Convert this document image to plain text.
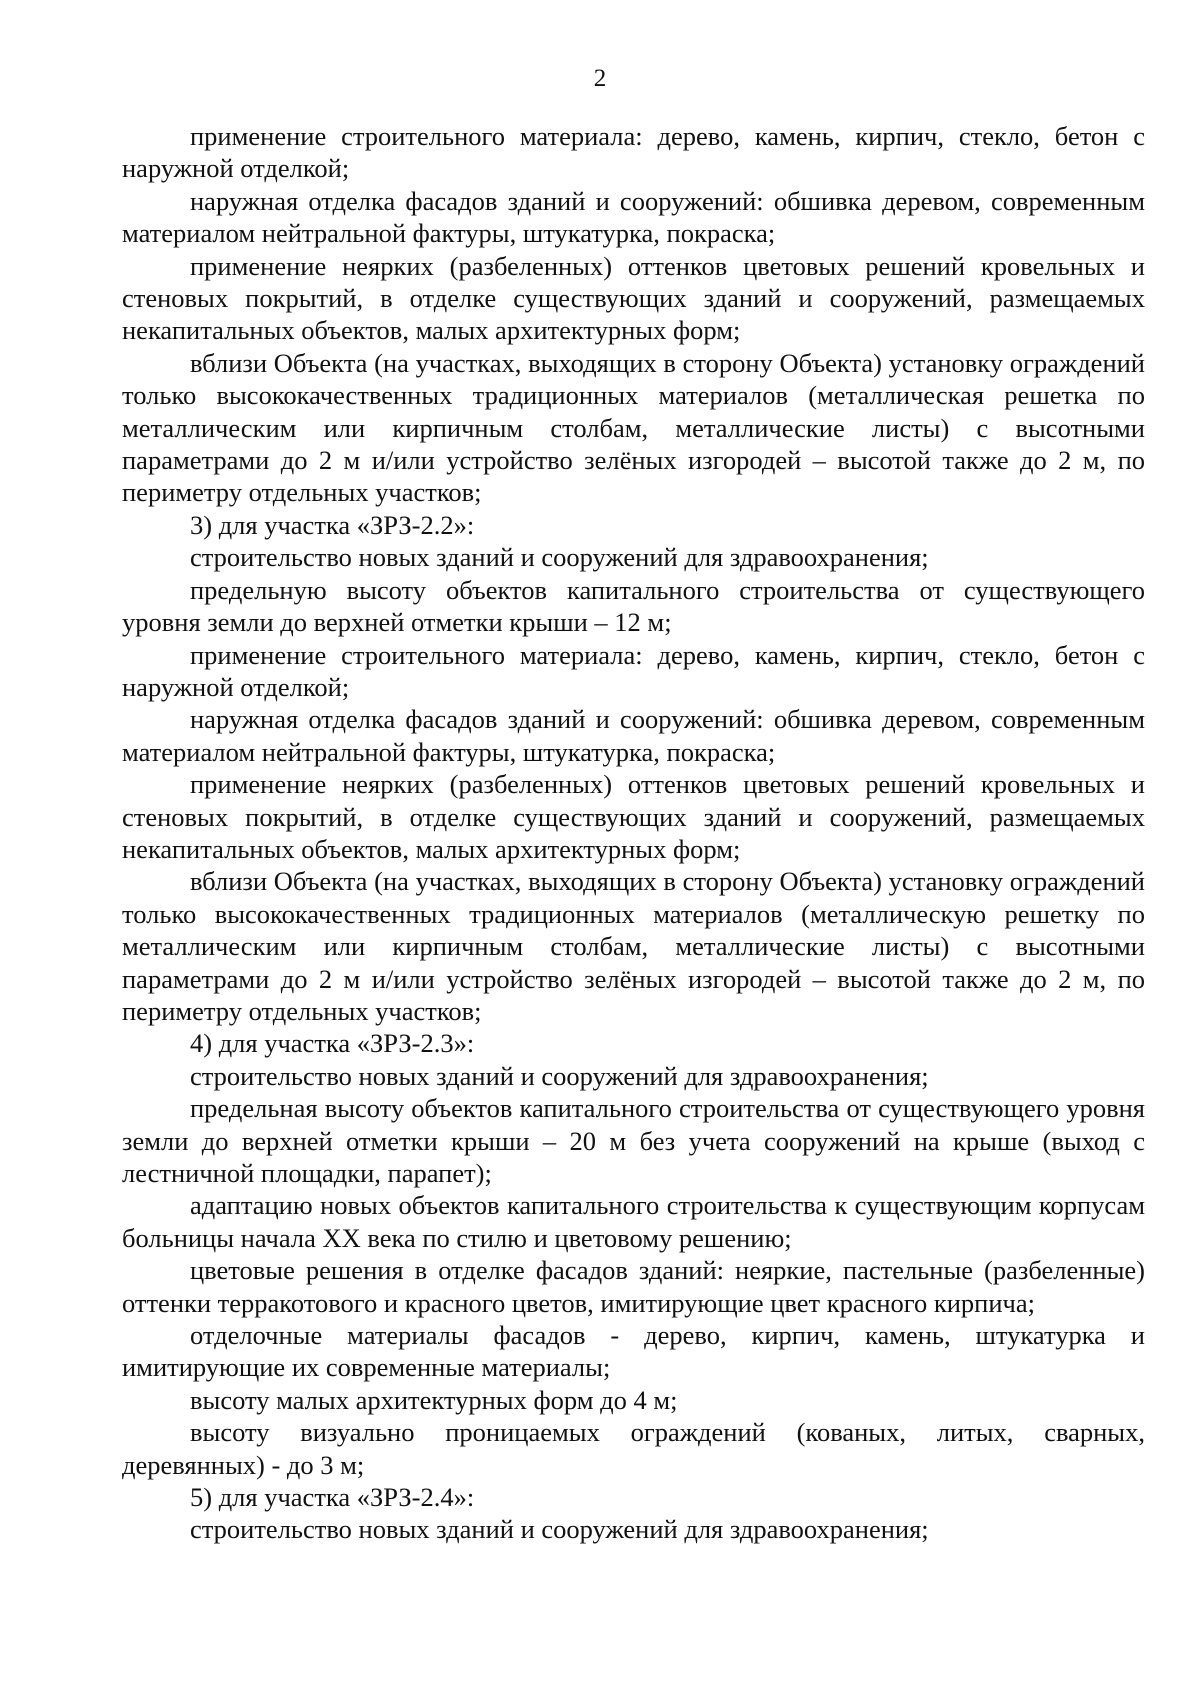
2

применение строительного материала: дерево, камень, кирпич, стекло, бетон с наружной отделкой;

наружная отделка фасадов зданий и сооружений: обшивка деревом, современным материалом нейтральной фактуры, штукатурка, покраска;

применение неярких (разбеленных) оттенков цветовых решений кровельных и стеновых покрытий, в отделке существующих зданий и сооружений, размещаемых некапитальных объектов, малых архитектурных форм;

вблизи Объекта (на участках, выходящих в сторону Объекта) установку ограждений только высококачественных традиционных материалов (металлическая решетка по металлическим или кирпичным столбам, металлические листы) с высотными параметрами до 2 м и/или устройство зелёных изгородей – высотой также до 2 м, по периметру отдельных участков;

3) для участка «ЗРЗ-2.2»:

строительство новых зданий и сооружений для здравоохранения;

предельную высоту объектов капитального строительства от существующего уровня земли до верхней отметки крыши – 12 м;

применение строительного материала: дерево, камень, кирпич, стекло, бетон с наружной отделкой;

наружная отделка фасадов зданий и сооружений: обшивка деревом, современным материалом нейтральной фактуры, штукатурка, покраска;

применение неярких (разбеленных) оттенков цветовых решений кровельных и стеновых покрытий, в отделке существующих зданий и сооружений, размещаемых некапитальных объектов, малых архитектурных форм;

вблизи Объекта (на участках, выходящих в сторону Объекта) установку ограждений только высококачественных традиционных материалов (металлическую решетку по металлическим или кирпичным столбам, металлические листы) с высотными параметрами до 2 м и/или устройство зелёных изгородей – высотой также до 2 м, по периметру отдельных участков;

4) для участка «ЗРЗ-2.3»:

строительство новых зданий и сооружений для здравоохранения;

предельная высоту объектов капитального строительства от существующего уровня земли до верхней отметки крыши – 20 м без учета сооружений на крыше (выход с лестничной площадки, парапет);

адаптацию новых объектов капитального строительства к существующим корпусам больницы начала XX века по стилю и цветовому решению;

цветовые решения в отделке фасадов зданий: неяркие, пастельные (разбеленные) оттенки терракотового и красного цветов, имитирующие цвет красного кирпича;

отделочные материалы фасадов - дерево, кирпич, камень, штукатурка и имитирующие их современные материалы;

высоту малых архитектурных форм до 4 м;

высоту визуально проницаемых ограждений (кованых, литых, сварных, деревянных) - до 3 м;

5) для участка «ЗРЗ-2.4»:

строительство новых зданий и сооружений для здравоохранения;
